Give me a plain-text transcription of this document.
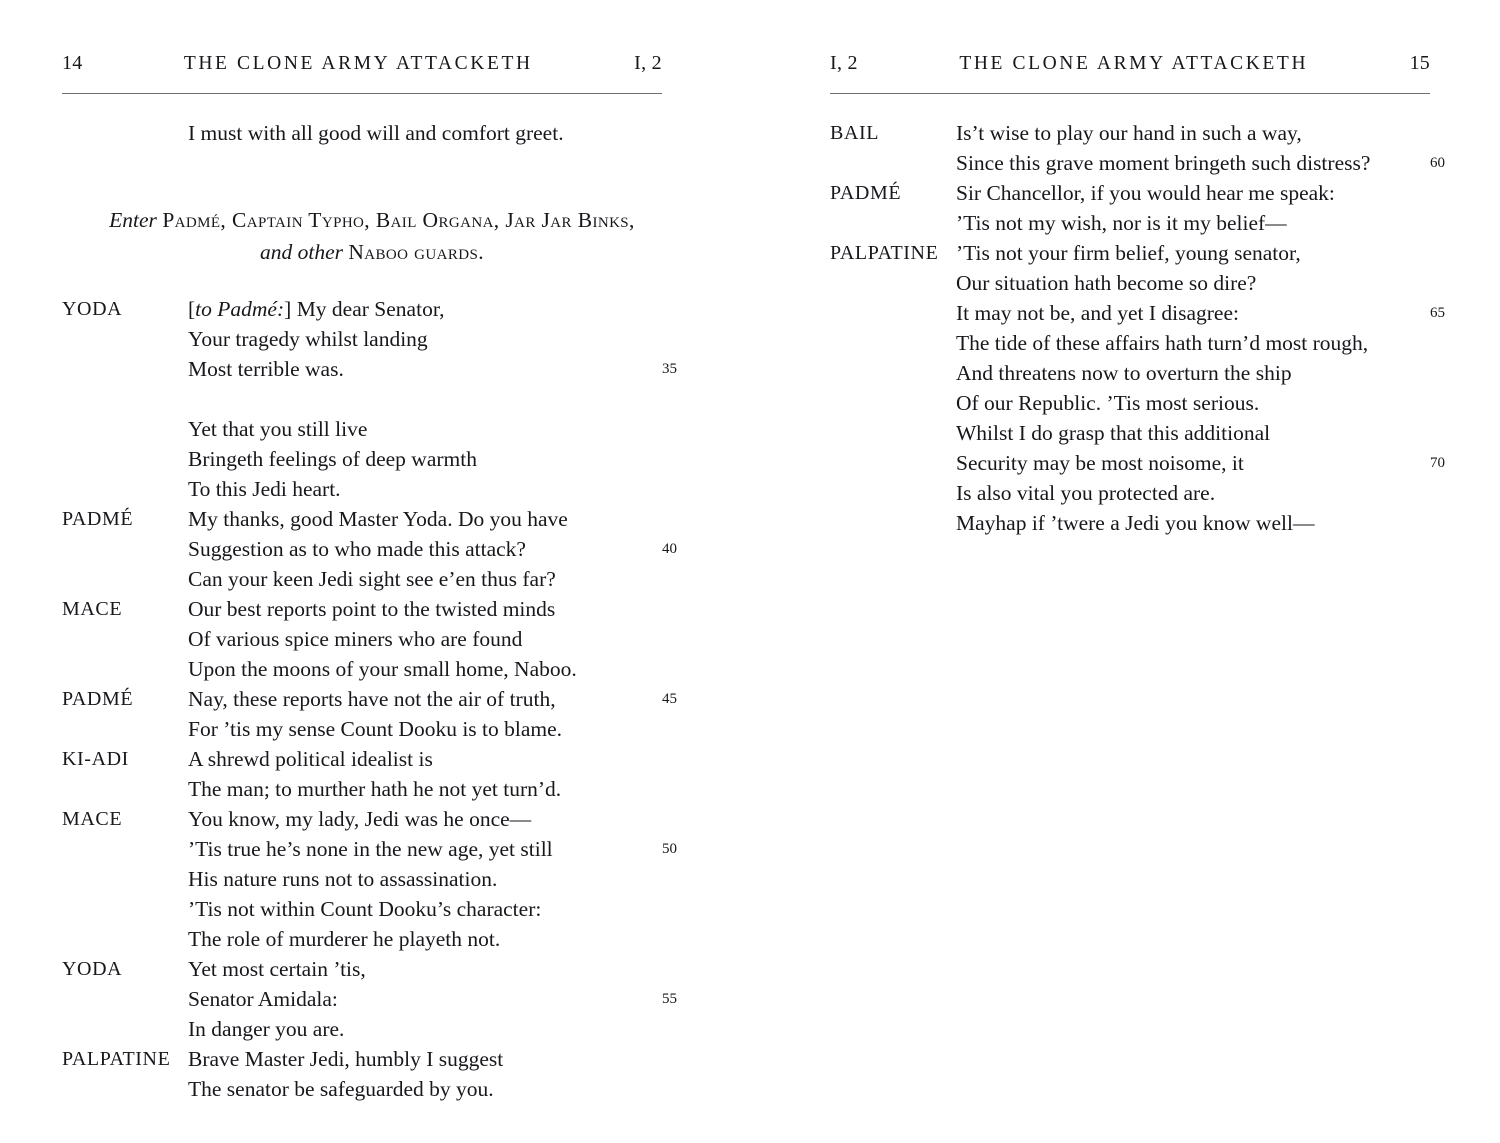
14	THE CLONE ARMY ATTACKETH	I, 2
I must with all good will and comfort greet.
Enter Padmé, Captain Typho, Bail Organa, Jar Jar Binks,
and other Naboo guards.
YODA	[to Padmé:] My dear Senator,
Your tragedy whilst landing
Most terrible was.	35
Yet that you still live
Bringeth feelings of deep warmth
To this Jedi heart.
PADMÉ	My thanks, good Master Yoda. Do you have
Suggestion as to who made this attack?	40
Can your keen Jedi sight see e’en thus far?
MACE	Our best reports point to the twisted minds
Of various spice miners who are found
Upon the moons of your small home, Naboo.
PADMÉ	Nay, these reports have not the air of truth,	45
For ’tis my sense Count Dooku is to blame.
KI-ADI	A shrewd political idealist is
The man; to murther hath he not yet turn’d.
MACE	You know, my lady, Jedi was he once—
’Tis true he’s none in the new age, yet still	50
His nature runs not to assassination.
’Tis not within Count Dooku’s character:
The role of murderer he playeth not.
YODA	Yet most certain ’tis,
Senator Amidala:	55
In danger you are.
PALPATINE Brave Master Jedi, humbly I suggest
The senator be safeguarded by you.
I, 2	THE CLONE ARMY ATTACKETH	15
BAIL	Is’t wise to play our hand in such a way,
Since this grave moment bringeth such distress?	60
PADMÉ	Sir Chancellor, if you would hear me speak:
’Tis not my wish, nor is it my belief—
PALPATINE ’Tis not your firm belief, young senator,
Our situation hath become so dire?
It may not be, and yet I disagree:	65
The tide of these affairs hath turn’d most rough,
And threatens now to overturn the ship
Of our Republic. ’Tis most serious.
Whilst I do grasp that this additional
Security may be most noisome, it	70
Is also vital you protected are.
Mayhap if ’twere a Jedi you know well—
